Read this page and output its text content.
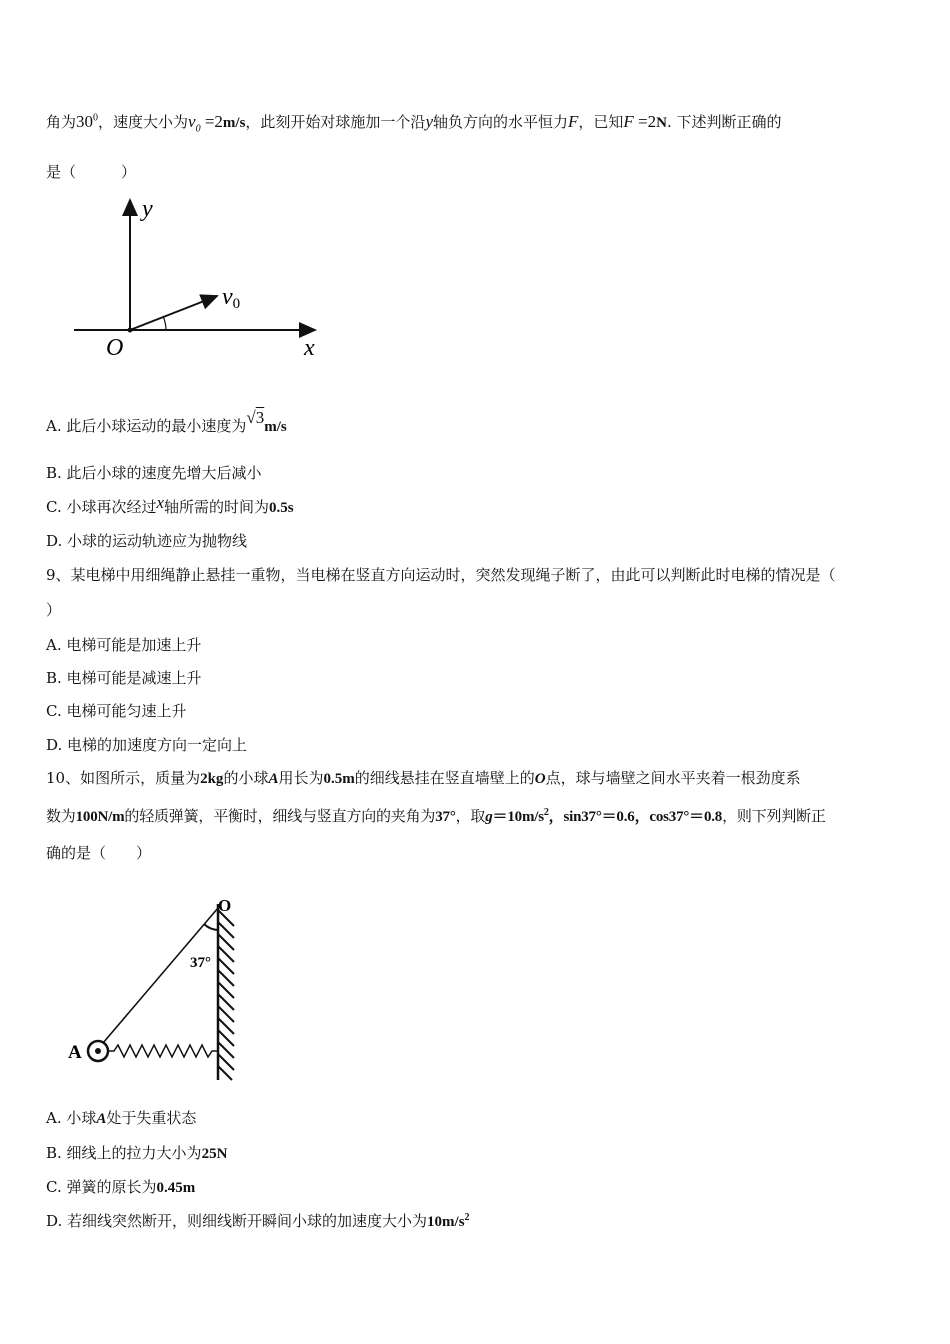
角为$30^0$，速度大小为$v_0 =2m/s$，此刻开始对球施加一个沿y轴负方向的水平恒力F，已知F =2N. 下述判断正确的
是（　　　）
y
x
O
v0
A. 此后小球运动的最小速度为√3m/s
B. 此后小球的速度先增大后减小
C. 小球再次经过x轴所需的时间为0.5s
D. 小球的运动轨迹应为抛物线
9、某电梯中用细绳静止悬挂一重物，当电梯在竖直方向运动时，突然发现绳子断了，由此可以判断此时电梯的情况是（
）
A. 电梯可能是加速上升
B. 电梯可能是减速上升
C. 电梯可能匀速上升
D. 电梯的加速度方向一定向上
10、如图所示，质量为2kg的小球A用长为0.5m的细线悬挂在竖直墙壁上的O点，球与墙壁之间水平夹着一根劲度系
数为100N/m的轻质弹簧，平衡时，细线与竖直方向的夹角为37°，取$g=10m/s^2$，sin37°＝0.6，cos37°＝0.8，则下列判断正
确的是（　　）
O
37°
A
A. 小球A处于失重状态
B. 细线上的拉力大小为25N
C. 弹簧的原长为0.45m
D. 若细线突然断开，则细线断开瞬间小球的加速度大小为$10m/s^2$
